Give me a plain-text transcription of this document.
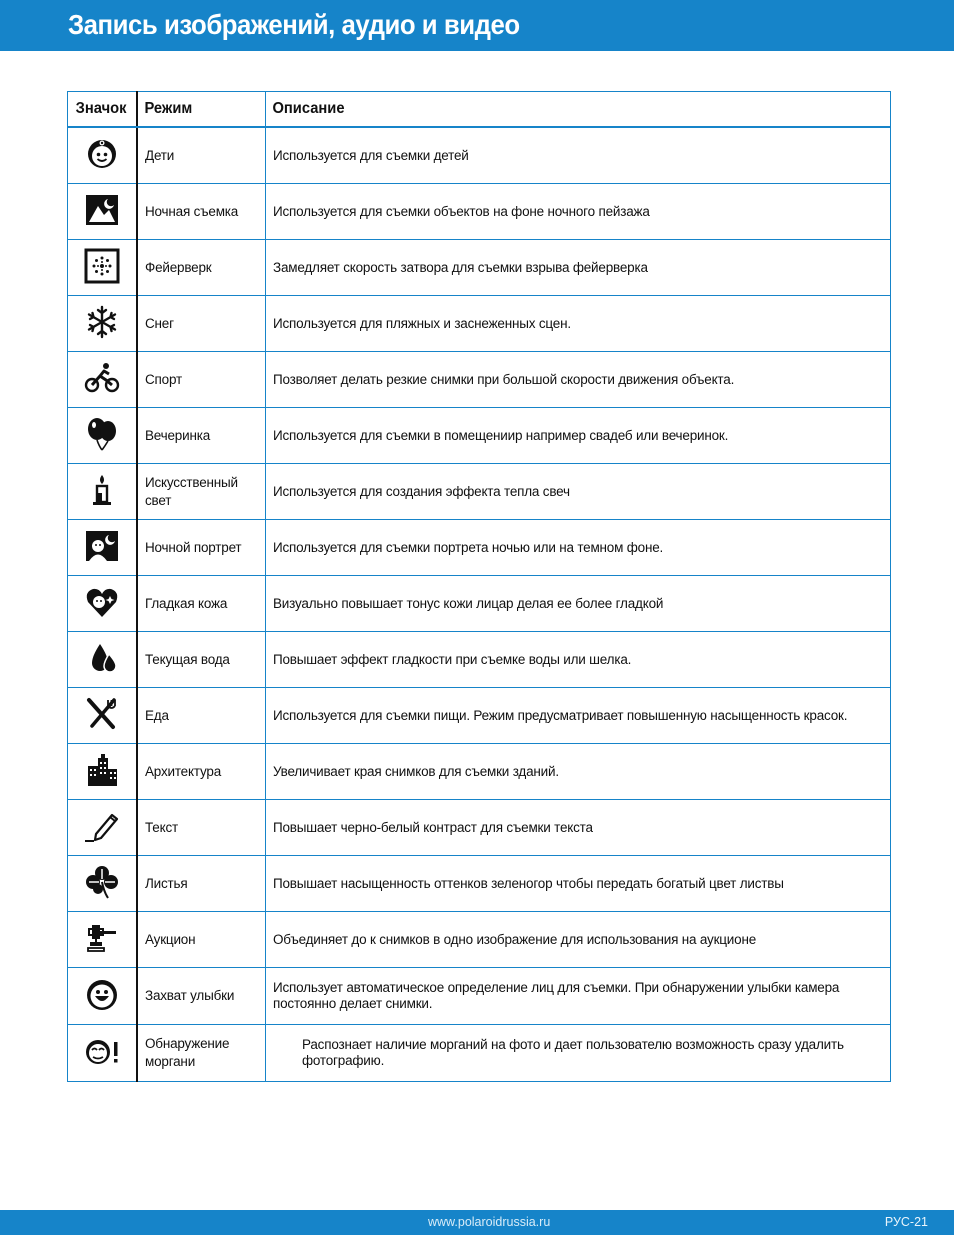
Запись изображений, аудио и видео
Значок	Режим	Описание

	Дети	Используется для съемки детей

	Ночная съемка	Используется для съемки объектов на фоне ночного пейзажа

	Фейерверк	Замедляет скорость затвора для съемки взрыва фейерверка

	Снег	Используется для пляжных и заснеженных сцен.

	Спорт	Позволяет делать резкие снимки при большой скорости движения объекта.

	Вечеринка	Используется для съемки в помещениир например свадеб или вечеринок.

	Искусственный свет	Используется для создания эффекта тепла свеч

	Ночной портрет	Используется для съемки портрета ночью или на темном фоне.

	Гладкая кожа	Визуально повышает тонус кожи лицар делая ее более гладкой

	Текущая вода	Повышает эффект гладкости при съемке воды или шелка.

	Еда	Используется для съемки пищи. Режим предусматривает повышенную насыщенность красок.

	Архитектура	Увеличивает края снимков для съемки зданий.

	Текст	Повышает черно-белый контраст для съемки текста

	Листья	Повышает насыщенность оттенков зеленогор чтобы передать богатый цвет листвы

	Аукцион	Объединяет до к снимков в одно изображение для использования на аукционе

	Захват улыбки	Использует автоматическое определение лиц для съемки. При обнаружении улыбки камера постоянно делает снимки.

	Обнаружение моргани	Распознает наличие морганий на фото и дает пользователю возможность сразу удалить фотографию.
www.polaroidrussia.ru	РУС-21
